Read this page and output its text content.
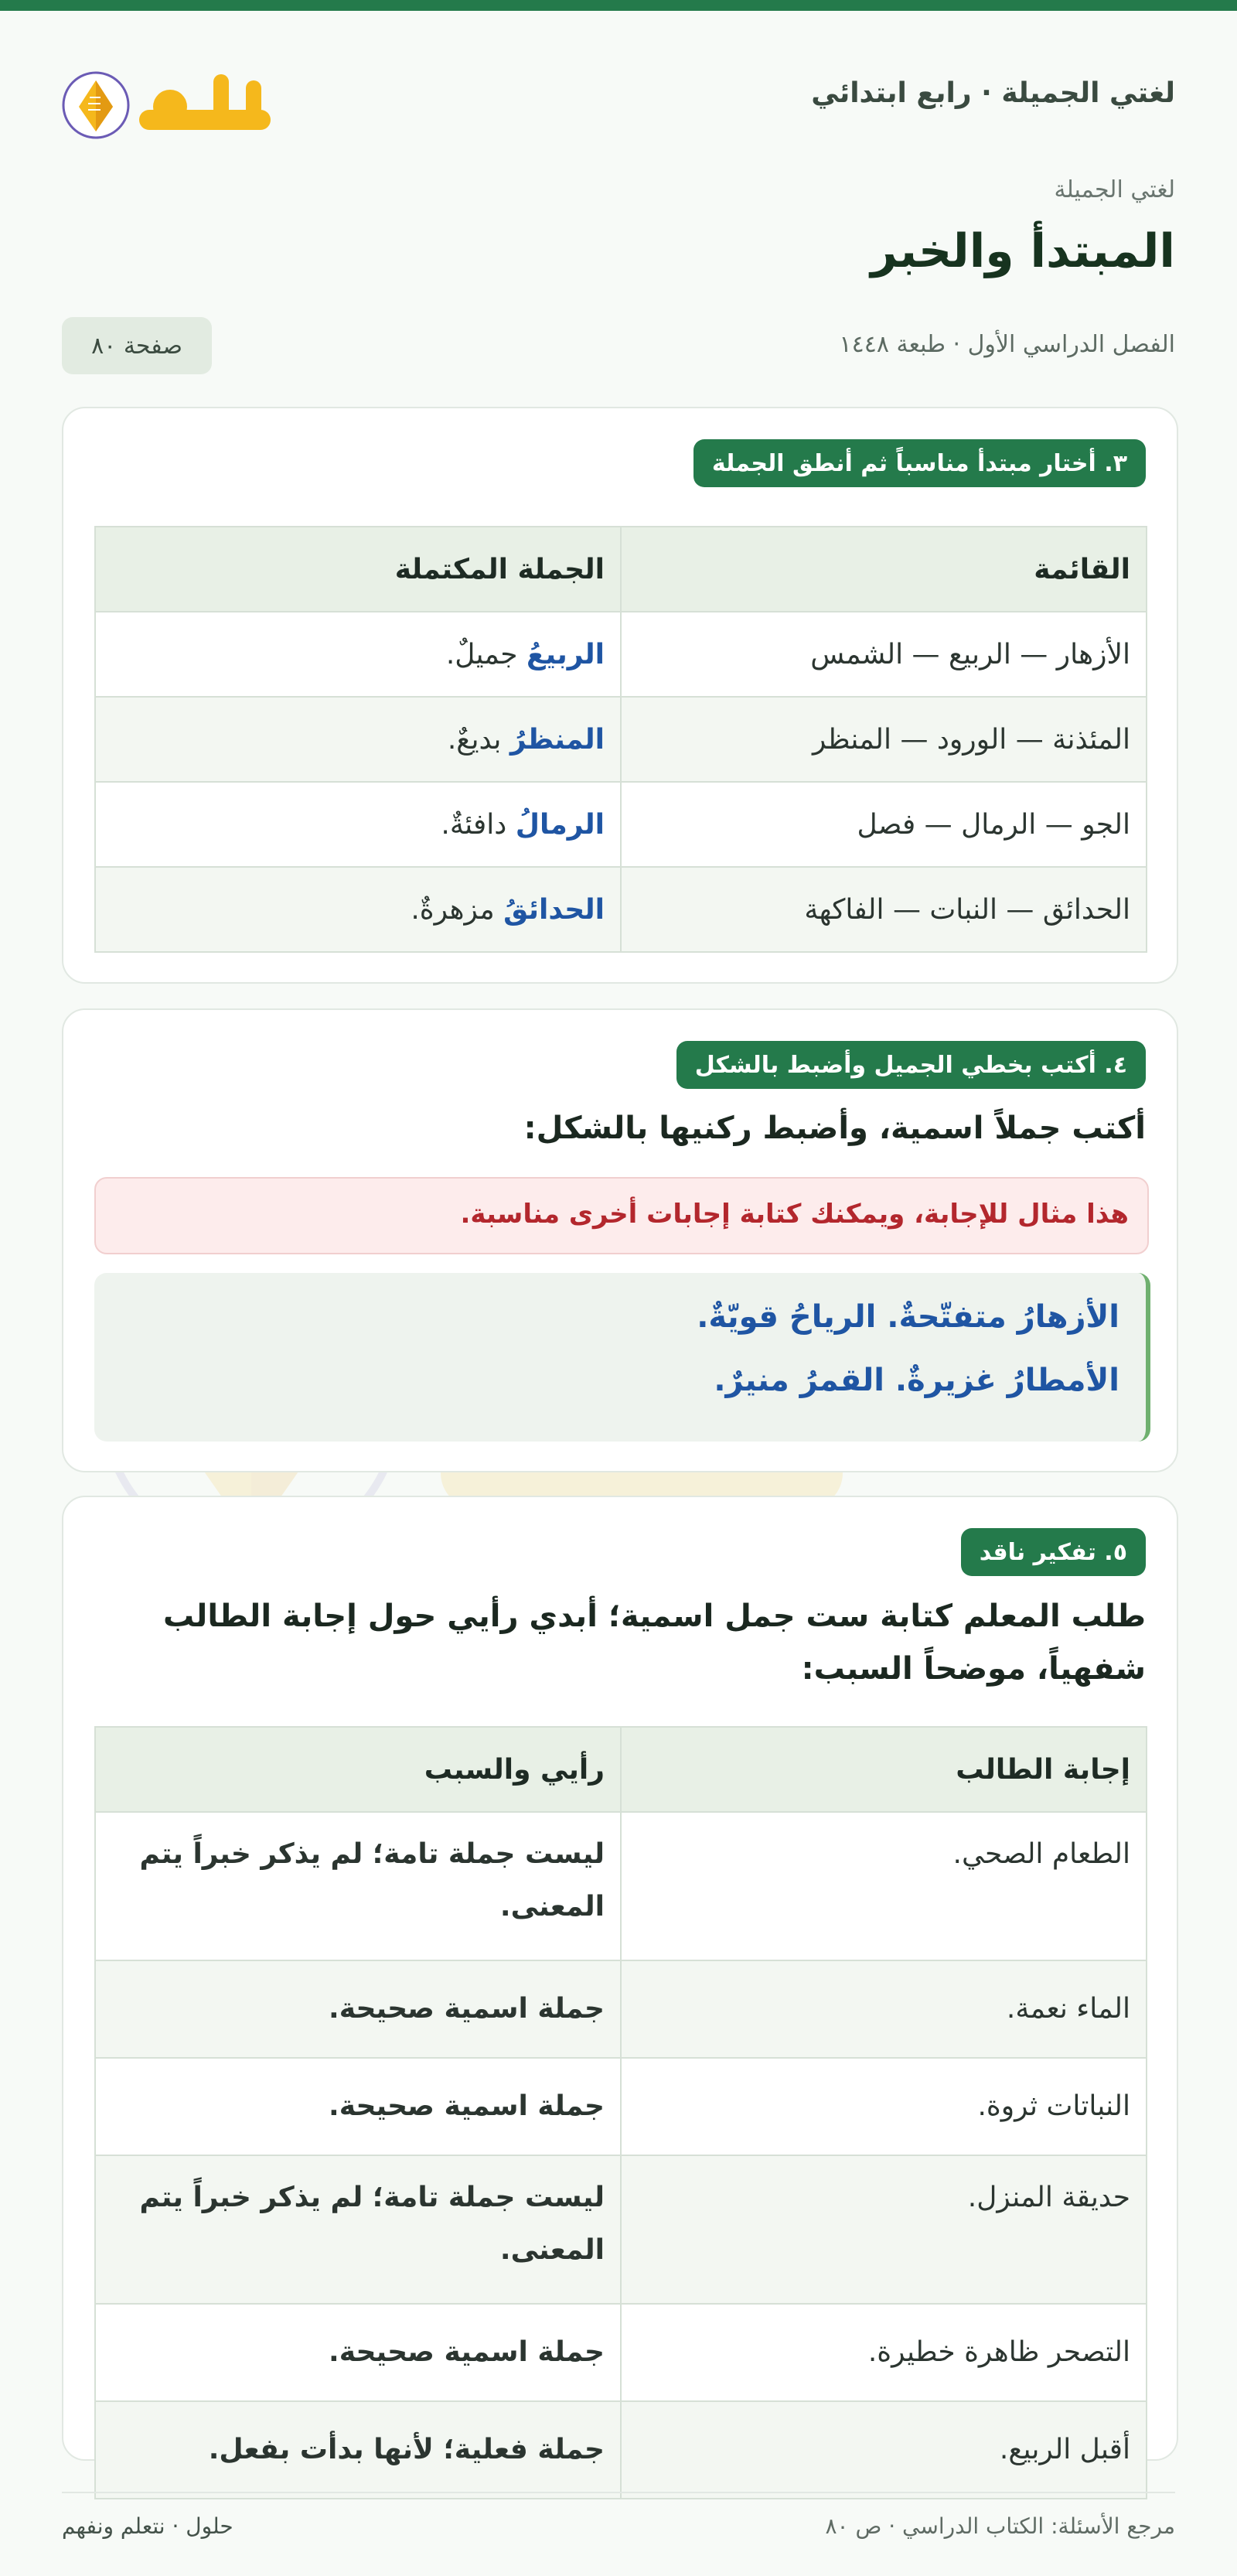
لغتي الجميلة · رابع ابتدائي
لغتي الجميلة
المبتدأ والخبر
الفصل الدراسي الأول · طبعة ١٤٤٨
صفحة ٨٠
٣. أختار مبتدأ مناسباً ثم أنطق الجملة
القائمة	الجملة المكتملة
الأزهار — الربيع — الشمس	الربيعُ جميلٌ.
المئذنة — الورود — المنظر	المنظرُ بديعٌ.
الجو — الرمال — فصل	الرمالُ دافئةٌ.
الحدائق — النبات — الفاكهة	الحدائقُ مزهرةٌ.
٤. أكتب بخطي الجميل وأضبط بالشكل
أكتب جملاً اسمية، وأضبط ركنيها بالشكل:
هذا مثال للإجابة، ويمكنك كتابة إجابات أخرى مناسبة.
الأزهارُ متفتّحةٌ. الرياحُ قويّةٌ.
الأمطارُ غزيرةٌ. القمرُ منيرٌ.
٥. تفكير ناقد
طلب المعلم كتابة ست جمل اسمية؛ أبدي رأيي حول إجابة الطالب شفهياً، موضحاً السبب:
إجابة الطالب	رأيي والسبب
الطعام الصحي.	ليست جملة تامة؛ لم يذكر خبراً يتم المعنى.
الماء نعمة.	جملة اسمية صحيحة.
النباتات ثروة.	جملة اسمية صحيحة.
حديقة المنزل.	ليست جملة تامة؛ لم يذكر خبراً يتم المعنى.
التصحر ظاهرة خطيرة.	جملة اسمية صحيحة.
أقبل الربيع.	جملة فعلية؛ لأنها بدأت بفعل.
مرجع الأسئلة: الكتاب الدراسي · ص ٨٠
حلول · نتعلم ونفهم
